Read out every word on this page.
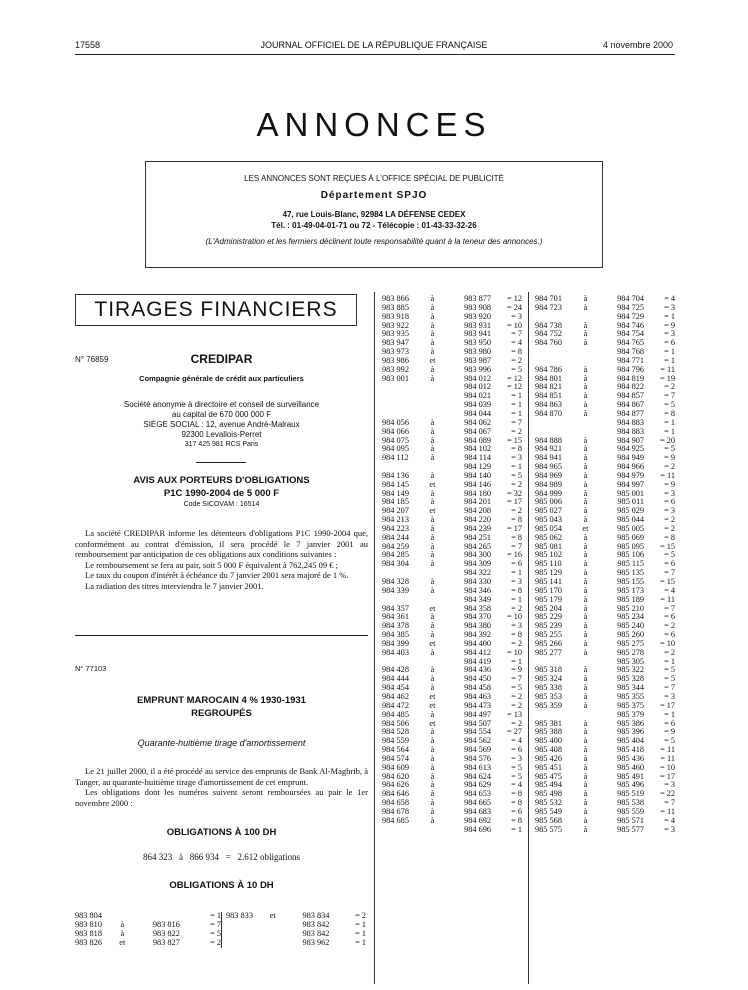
17558	JOURNAL OFFICIEL DE LA RÉPUBLIQUE FRANÇAISE	4 novembre 2000
ANNONCES
LES ANNONCES SONT REÇUES À L'OFFICE SPÉCIAL DE PUBLICITÉ
Département SPJO
47, rue Louis-Blanc, 92984 LA DÉFENSE CEDEX
Tél. : 01-49-04-01-71 ou 72 - Télécopie : 01-43-33-32-26
(L'Administration et les fermiers déclinent toute responsabilité quant à la teneur des annonces.)
TIRAGES FINANCIERS
N° 76859	CREDIPAR
Compagnie générale de crédit aux particuliers
Société anonyme à directoire et conseil de surveillance
au capital de 670 000 000 F
SIÈGE SOCIAL : 12, avenue André-Malraux
92300 Levallois-Perret
317 425 981 RCS Paris
AVIS AUX PORTEURS D'OBLIGATIONS
P1C 1990-2004 de 5 000 F
Code SICOVAM : 16514
La société CREDIPAR informe les détenteurs d'obligations P1C 1990-2004 que, conformément au contrat d'émission, il sera procédé le 7 janvier 2001 au remboursement par anticipation de ces obligations aux conditions suivantes :
Le remboursement se fera au pair, soit 5 000 F équivalent à 762,245 09 € ;
Le taux du coupon d'intérêt à échéance du 7 janvier 2001 sera majoré de 1 %.
La radiation des titres interviendra le 7 janvier 2001.
N° 77103
EMPRUNT MAROCAIN 4 % 1930-1931
REGROUPÉS
Quarante-huitième tirage d'amortissement
Le 21 juillet 2000, il a été procédé au service des emprunts de Bank Al-Maghrib, à Tanger, au quarante-huitième tirage d'amortissement de cet emprunt.
Les obligations dont les numéros suivent seront remboursées au pair le 1er novembre 2000 :
OBLIGATIONS À 100 DH
864 323   à   866 934   =   2.612 obligations
OBLIGATIONS À 10 DH
983 804			= 1
983 810	à	983 816	= 7
983 818	à	983 822	= 5
983 826	et	983 827	= 2
983 833	et	983 834	= 2
		983 842	= 1
		983 842	= 1
		983 962	= 1
983 866	à	983 877	= 12
983 885	à	983 908	= 24
983 918	à	983 920	= 3
983 922	à	983 931	= 10
983 935	à	983 941	= 7
983 947	à	983 950	= 4
983 973	à	983 980	= 8
983 986	et	983 987	= 2
983 992	à	983 996	= 5
983 001	à	984 012	= 12
		984 012	= 12
		984 021	= 1
		984 039	= 1
		984 044	= 1
984 056	à	984 062	= 7
984 066	à	984 067	= 2
984 075	à	984 089	= 15
984 095	à	984 102	= 8
984 112	à	984 114	= 3
		984 129	= 1
984 136	à	984 140	= 5
984 145	et	984 146	= 2
984 149	à	984 180	= 32
984 185	à	984 201	= 17
984 207	et	984 208	= 2
984 213	à	984 220	= 8
984 223	à	984 239	= 17
984 244	à	984 251	= 8
984 259	à	984 265	= 7
984 285	à	984 300	= 16
984 304	à	984 309	= 6
		984 322	= 1
984 328	à	984 330	= 3
984 339	à	984 346	= 8
		984 349	= 1
984 357	et	984 358	= 2
984 361	à	984 370	= 10
984 378	à	984 380	= 3
984 385	à	984 392	= 8
984 399	et	984 400	= 2
984 403	à	984 412	= 10
		984 419	= 1
984 428	à	984 436	= 9
984 444	à	984 450	= 7
984 454	à	984 458	= 5
984 462	et	984 463	= 2
984 472	et	984 473	= 2
984 485	à	984 497	= 13
984 506	et	984 507	= 2
984 528	à	984 554	= 27
984 559	à	984 562	= 4
984 564	à	984 569	= 6
984 574	à	984 576	= 3
984 609	à	984 613	= 5
984 620	à	984 624	= 5
984 626	à	984 629	= 4
984 646	à	984 653	= 8
984 658	à	984 665	= 8
984 678	à	984 683	= 6
984 685	à	984 692	= 8
		984 696	= 1
984 701	à	984 704	= 4
984 723	à	984 725	= 3
		984 729	= 1
984 738	à	984 746	= 9
984 752	à	984 754	= 3
984 760	à	984 765	= 6
		984 768	= 1
		984 771	= 1
984 786	à	984 796	= 11
984 801	à	984 819	= 19
984 821	à	984 822	= 2
984 851	à	984 857	= 7
984 863	à	984 867	= 5
984 870	à	984 877	= 8
		984 883	= 1
		984 883	= 1
984 888	à	984 907	= 20
984 921	à	984 925	= 5
984 941	à	984 949	= 9
984 965	à	984 966	= 2
984 969	à	984 979	= 11
984 989	à	984 997	= 9
984 999	à	985 001	= 3
985 006	à	985 011	= 6
985 027	à	985 029	= 3
985 043	à	985 044	= 2
985 054	et	985 005	= 2
985 062	à	985 069	= 8
985 081	à	985 095	= 15
985 102	à	985 106	= 5
985 110	à	985 115	= 6
985 129	à	985 135	= 7
985 141	à	985 155	= 15
985 170	à	985 173	= 4
985 179	à	985 189	= 11
985 204	à	985 210	= 7
985 229	à	985 234	= 6
985 239	à	985 240	= 2
985 255	à	985 260	= 6
985 266	à	985 275	= 10
985 277	à	985 278	= 2
		985 305	= 1
985 318	à	985 322	= 5
985 324	à	985 328	= 5
985 338	à	985 344	= 7
985 353	à	985 355	= 3
985 359	à	985 375	= 17
		985 379	= 1
985 381	à	985 386	= 6
985 388	à	985 396	= 9
985 400	à	985 404	= 5
985 408	à	985 418	= 11
985 426	à	985 436	= 11
985 451	à	985 460	= 10
985 475	à	985 491	= 17
985 494	à	985 496	= 3
985 498	à	985 519	= 22
985 532	à	985 538	= 7
985 549	à	985 559	= 11
985 568	à	985 571	= 4
985 575	à	985 577	= 3
